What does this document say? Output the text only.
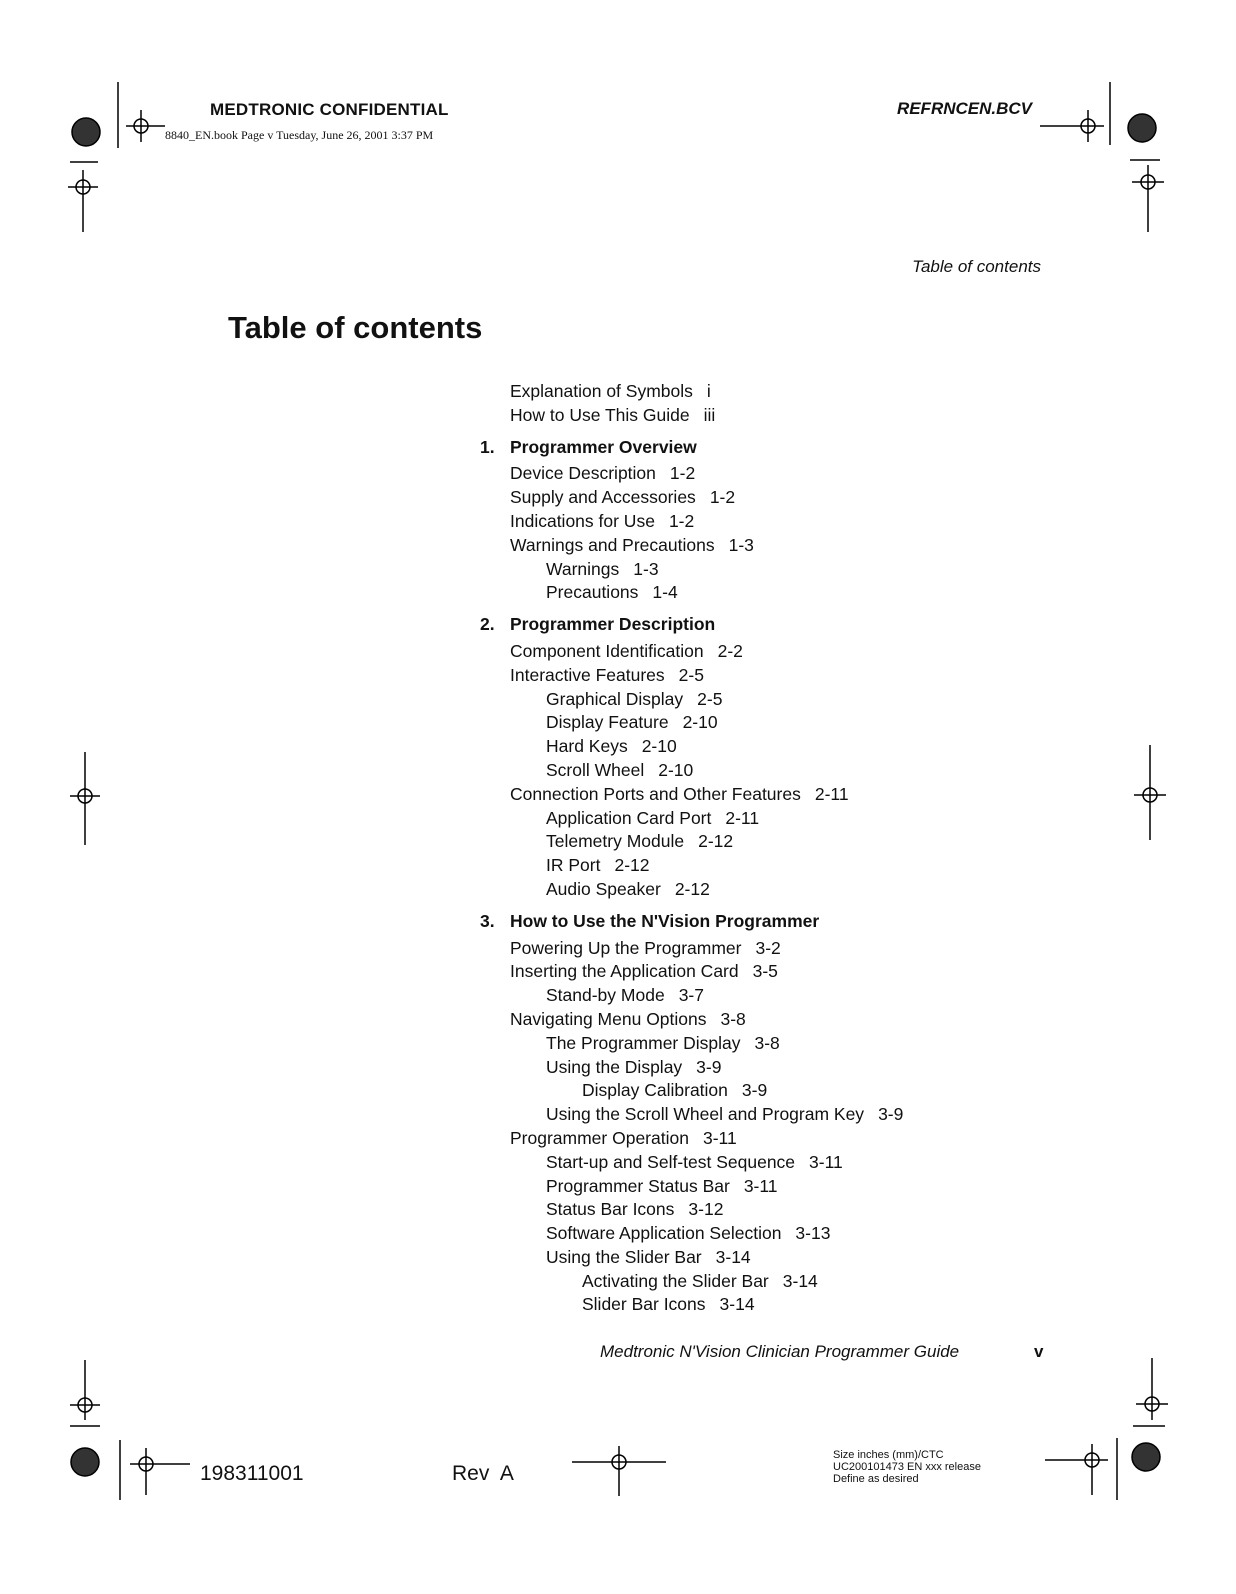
MEDTRONIC CONFIDENTIAL
8840_EN.book Page v Tuesday, June 26, 2001 3:37 PM
REFRNCEN.BCV
Table of contents
Table of contents
Explanation of Symbols i
How to Use This Guide iii
1. Programmer Overview
Device Description 1-2
Supply and Accessories 1-2
Indications for Use 1-2
Warnings and Precautions 1-3
Warnings 1-3
Precautions 1-4
2. Programmer Description
Component Identification 2-2
Interactive Features 2-5
Graphical Display 2-5
Display Feature 2-10
Hard Keys 2-10
Scroll Wheel 2-10
Connection Ports and Other Features 2-11
Application Card Port 2-11
Telemetry Module 2-12
IR Port 2-12
Audio Speaker 2-12
3. How to Use the N'Vision Programmer
Powering Up the Programmer 3-2
Inserting the Application Card 3-5
Stand-by Mode 3-7
Navigating Menu Options 3-8
The Programmer Display 3-8
Using the Display 3-9
Display Calibration 3-9
Using the Scroll Wheel and Program Key 3-9
Programmer Operation 3-11
Start-up and Self-test Sequence 3-11
Programmer Status Bar 3-11
Status Bar Icons 3-12
Software Application Selection 3-13
Using the Slider Bar 3-14
Activating the Slider Bar 3-14
Slider Bar Icons 3-14
Medtronic N'Vision Clinician Programmer Guide	v
198311001	Rev  A
Size inches (mm)/CTC
UC200101473 EN xxx release
Define as desired
